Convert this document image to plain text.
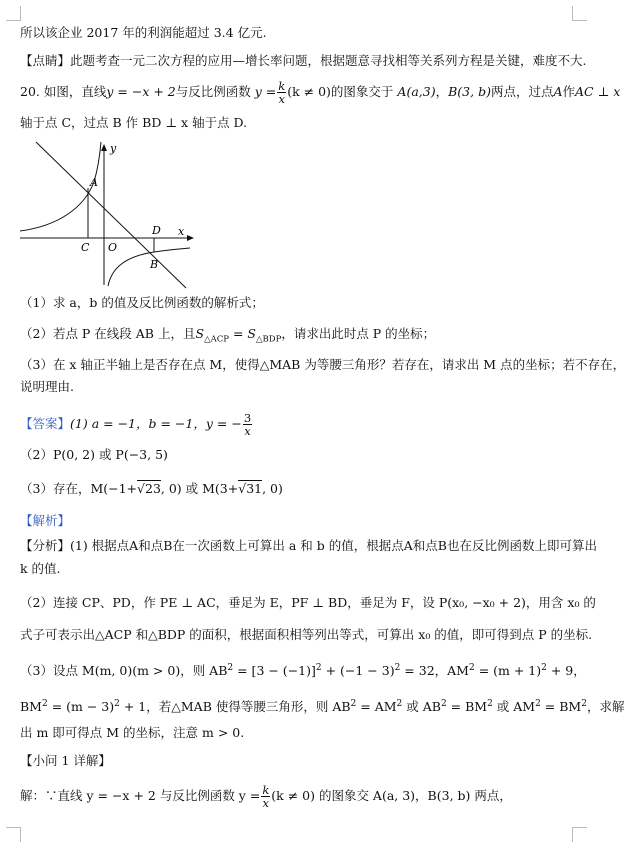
所以该企业 2017 年的利润能超过 3.4 亿元.
【点睛】此题考查一元二次方程的应用—增长率问题，根据题意寻找相等关系列方程是关键，难度不大.
20. 如图，直线y = −x + 2与反比例函数 $y = \frac{k}{x} (k \ne 0)$的图象交于 A(a,3)，B(3, b)两点，过点A作AC ⊥ x
轴于点 C，过点 B 作 BD ⊥ x 轴于点 D.
y
A
C O
D x
B
（1）求 a，b 的值及反比例函数的解析式；
（2）若点 P 在线段 AB 上，且$S_{\triangle ACP} = S_{\triangle BDP}$，请求出此时点 P 的坐标；
（3）在 x 轴正半轴上是否存在点 M，使得△MAB 为等腰三角形？若存在，请求出 M 点的坐标；若不存在，
说明理由.
【答案】(1) a = −1，b = −1，y = − $\frac{3}{x}$
（2）P(0, 2) 或 P(−3, 5)
（3）存在，M(−1+√23, 0) 或 M(3+√31, 0)
【解析】
【分析】(1) 根据点A和点B在一次函数上可算出 a 和 b 的值，根据点A和点B也在反比例函数上即可算出
k 的值.
（2）连接 CP、PD，作 PE ⊥ AC，垂足为 E，PF ⊥ BD，垂足为 F，设 P(x₀, −x₀ + 2)，用含 x₀ 的
式子可表示出△ACP 和△BDP 的面积，根据面积相等列出等式，可算出 x₀ 的值，即可得到点 P 的坐标.
（3）设点 M(m, 0)(m > 0)，则 $AB^2 = [3 - (-1)]^2 + (-1 - 3)^2 = 32$，$AM^2 = (m + 1)^2 + 9$，
$BM^2 = (m - 3)^2 + 1$，若△MAB 使得等腰三角形，则 $AB^2 = AM^2$ 或 $AB^2 = BM^2$ 或 $AM^2 = BM^2$，求解
出 m 即可得点 M 的坐标，注意 m > 0.
【小问 1 详解】
解：∵直线 y = −x + 2 与反比例函数 $y = \frac{k}{x} (k \ne 0)$ 的图象交 A(a, 3)，B(3, b) 两点，
